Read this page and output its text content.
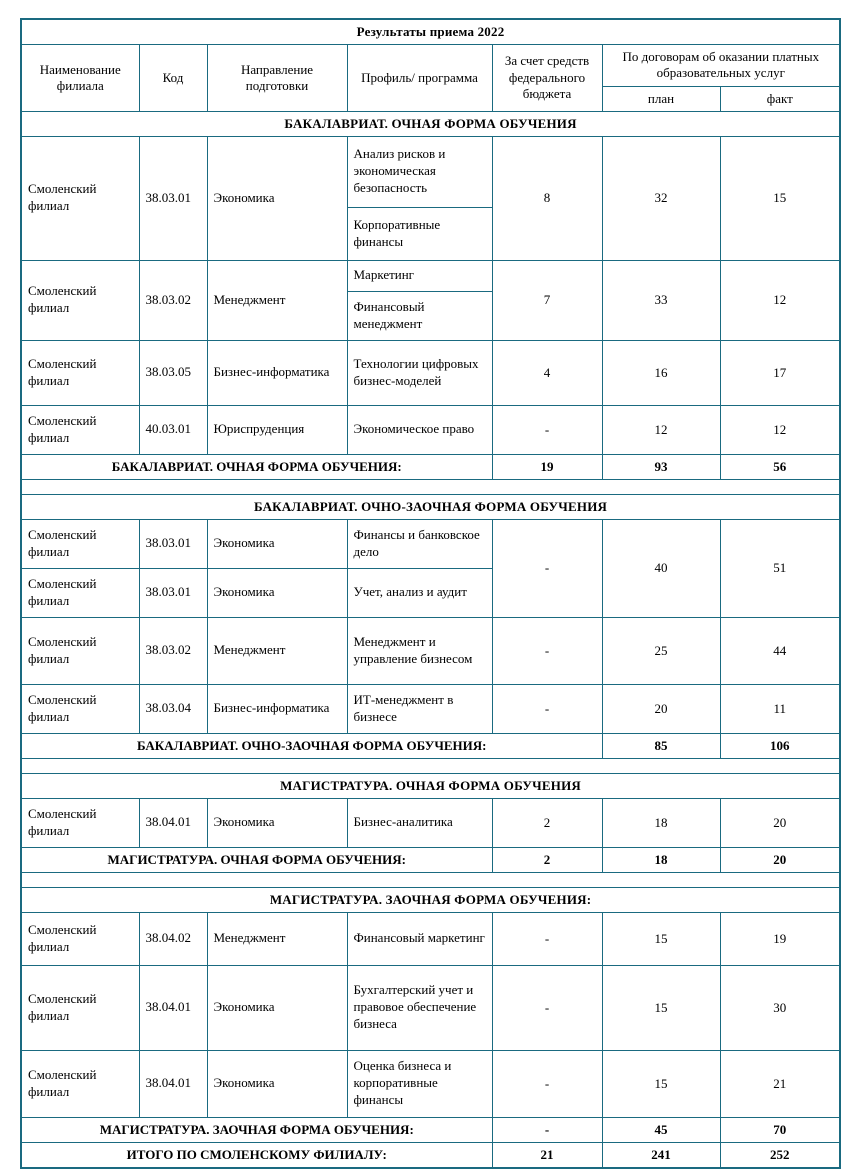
Результаты приема 2022						
Наименование филиала	Код	Направление подготовки	Профиль/ программа	За счет средств федерального бюджета	По договорам об оказании платных образовательных услуг	
					план	факт
БАКАЛАВРИАТ. ОЧНАЯ ФОРМА ОБУЧЕНИЯ						
Смоленский филиал	38.03.01	Экономика	Анализ рисков и экономическая безопасность	8	32	15
			Корпоративные финансы			
Смоленский филиал	38.03.02	Менеджмент	Маркетинг	7	33	12
			Финансовый менеджмент			
Смоленский филиал	38.03.05	Бизнес-информатика	Технологии цифровых бизнес-моделей	4	16	17
Смоленский филиал	40.03.01	Юриспруденция	Экономическое право	-	12	12
БАКАЛАВРИАТ. ОЧНАЯ ФОРМА ОБУЧЕНИЯ:				19	93	56

БАКАЛАВРИАТ. ОЧНО-ЗАОЧНАЯ ФОРМА ОБУЧЕНИЯ						
Смоленский филиал	38.03.01	Экономика	Финансы и банковское дело	-	40	51
Смоленский филиал	38.03.01	Экономика	Учет, анализ и аудит			
Смоленский филиал	38.03.02	Менеджмент	Менеджмент и управление бизнесом	-	25	44
Смоленский филиал	38.03.04	Бизнес-информатика	ИТ-менеджмент в бизнесе	-	20	11
БАКАЛАВРИАТ. ОЧНО-ЗАОЧНАЯ ФОРМА ОБУЧЕНИЯ:					85	106

МАГИСТРАТУРА. ОЧНАЯ ФОРМА ОБУЧЕНИЯ						
Смоленский филиал	38.04.01	Экономика	Бизнес-аналитика	2	18	20
МАГИСТРАТУРА. ОЧНАЯ ФОРМА ОБУЧЕНИЯ:				2	18	20

МАГИСТРАТУРА. ЗАОЧНАЯ ФОРМА ОБУЧЕНИЯ:						
Смоленский филиал	38.04.02	Менеджмент	Финансовый маркетинг	-	15	19
Смоленский филиал	38.04.01	Экономика	Бухгалтерский учет и правовое обеспечение бизнеса	-	15	30
Смоленский филиал	38.04.01	Экономика	Оценка бизнеса и корпоративные финансы	-	15	21
МАГИСТРАТУРА. ЗАОЧНАЯ ФОРМА ОБУЧЕНИЯ:				-	45	70
ИТОГО ПО СМОЛЕНСКОМУ ФИЛИАЛУ:				21	241	252
